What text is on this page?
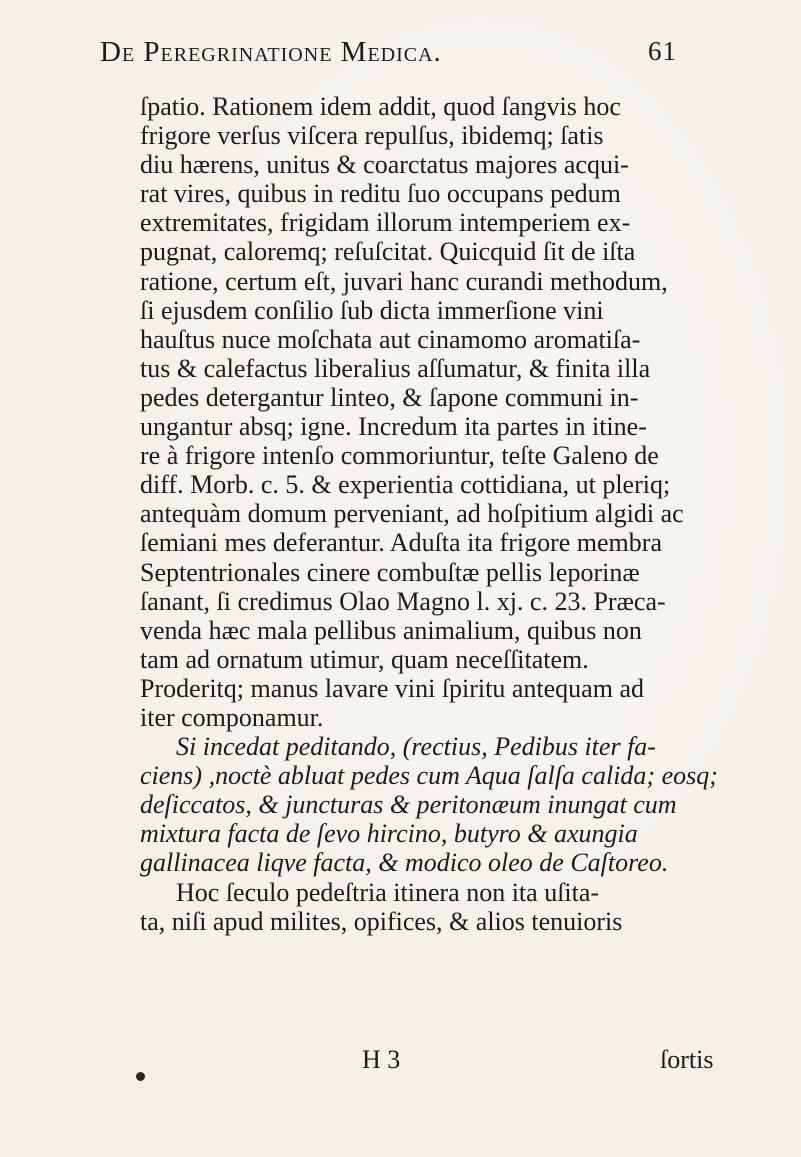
De Peregrinatione Medica.	61
ſpatio. Rationem idem addit, quod ſangvis hoc
frigore verſus viſcera repulſus, ibidemq; ſatis
diu hærens, unitus & coarctatus majores acqui-
rat vires, quibus in reditu ſuo occupans pedum
extremitates, frigidam illorum intemperiem ex-
pugnat, caloremq; reſuſcitat. Quicquid ſit de iſta
ratione, certum eſt, juvari hanc curandi methodum,
ſi ejusdem conſilio ſub dicta immerſione vini
hauſtus nuce moſchata aut cinamomo aromatiſa-
tus & calefactus liberalius aſſumatur, & finita illa
pedes detergantur linteo, & ſapone communi in-
ungantur absq; igne. Incredum ita partes in itine-
re à frigore intenſo commoriuntur, teſte Galeno de
diff. Morb. c. 5. & experientia cottidiana, ut pleriq;
antequàm domum perveniant, ad hoſpitium algidi ac
ſemiani mes deferantur. Aduſta ita frigore membra
Septentrionales cinere combuſtæ pellis leporinæ
ſanant, ſi credimus Olao Magno l. xj. c. 23. Præca-
venda hæc mala pellibus animalium, quibus non
tam ad ornatum utimur, quam neceſſitatem.
Proderitq; manus lavare vini ſpiritu antequam ad
iter componamur.
Si incedat peditando, (rectius, Pedibus iter fa-
ciens) ,noctè abluat pedes cum Aqua ſalſa calida; eosq;
deſiccatos, & juncturas & peritonæum inungat cum
mixtura facta de ſevo hircino, butyro & axungia
gallinacea liqve facta, & modico oleo de Caſtoreo.
Hoc ſeculo pedeſtria itinera non ita uſita-
ta, niſi apud milites, opifices, & alios tenuioris
H 3	ſortis
